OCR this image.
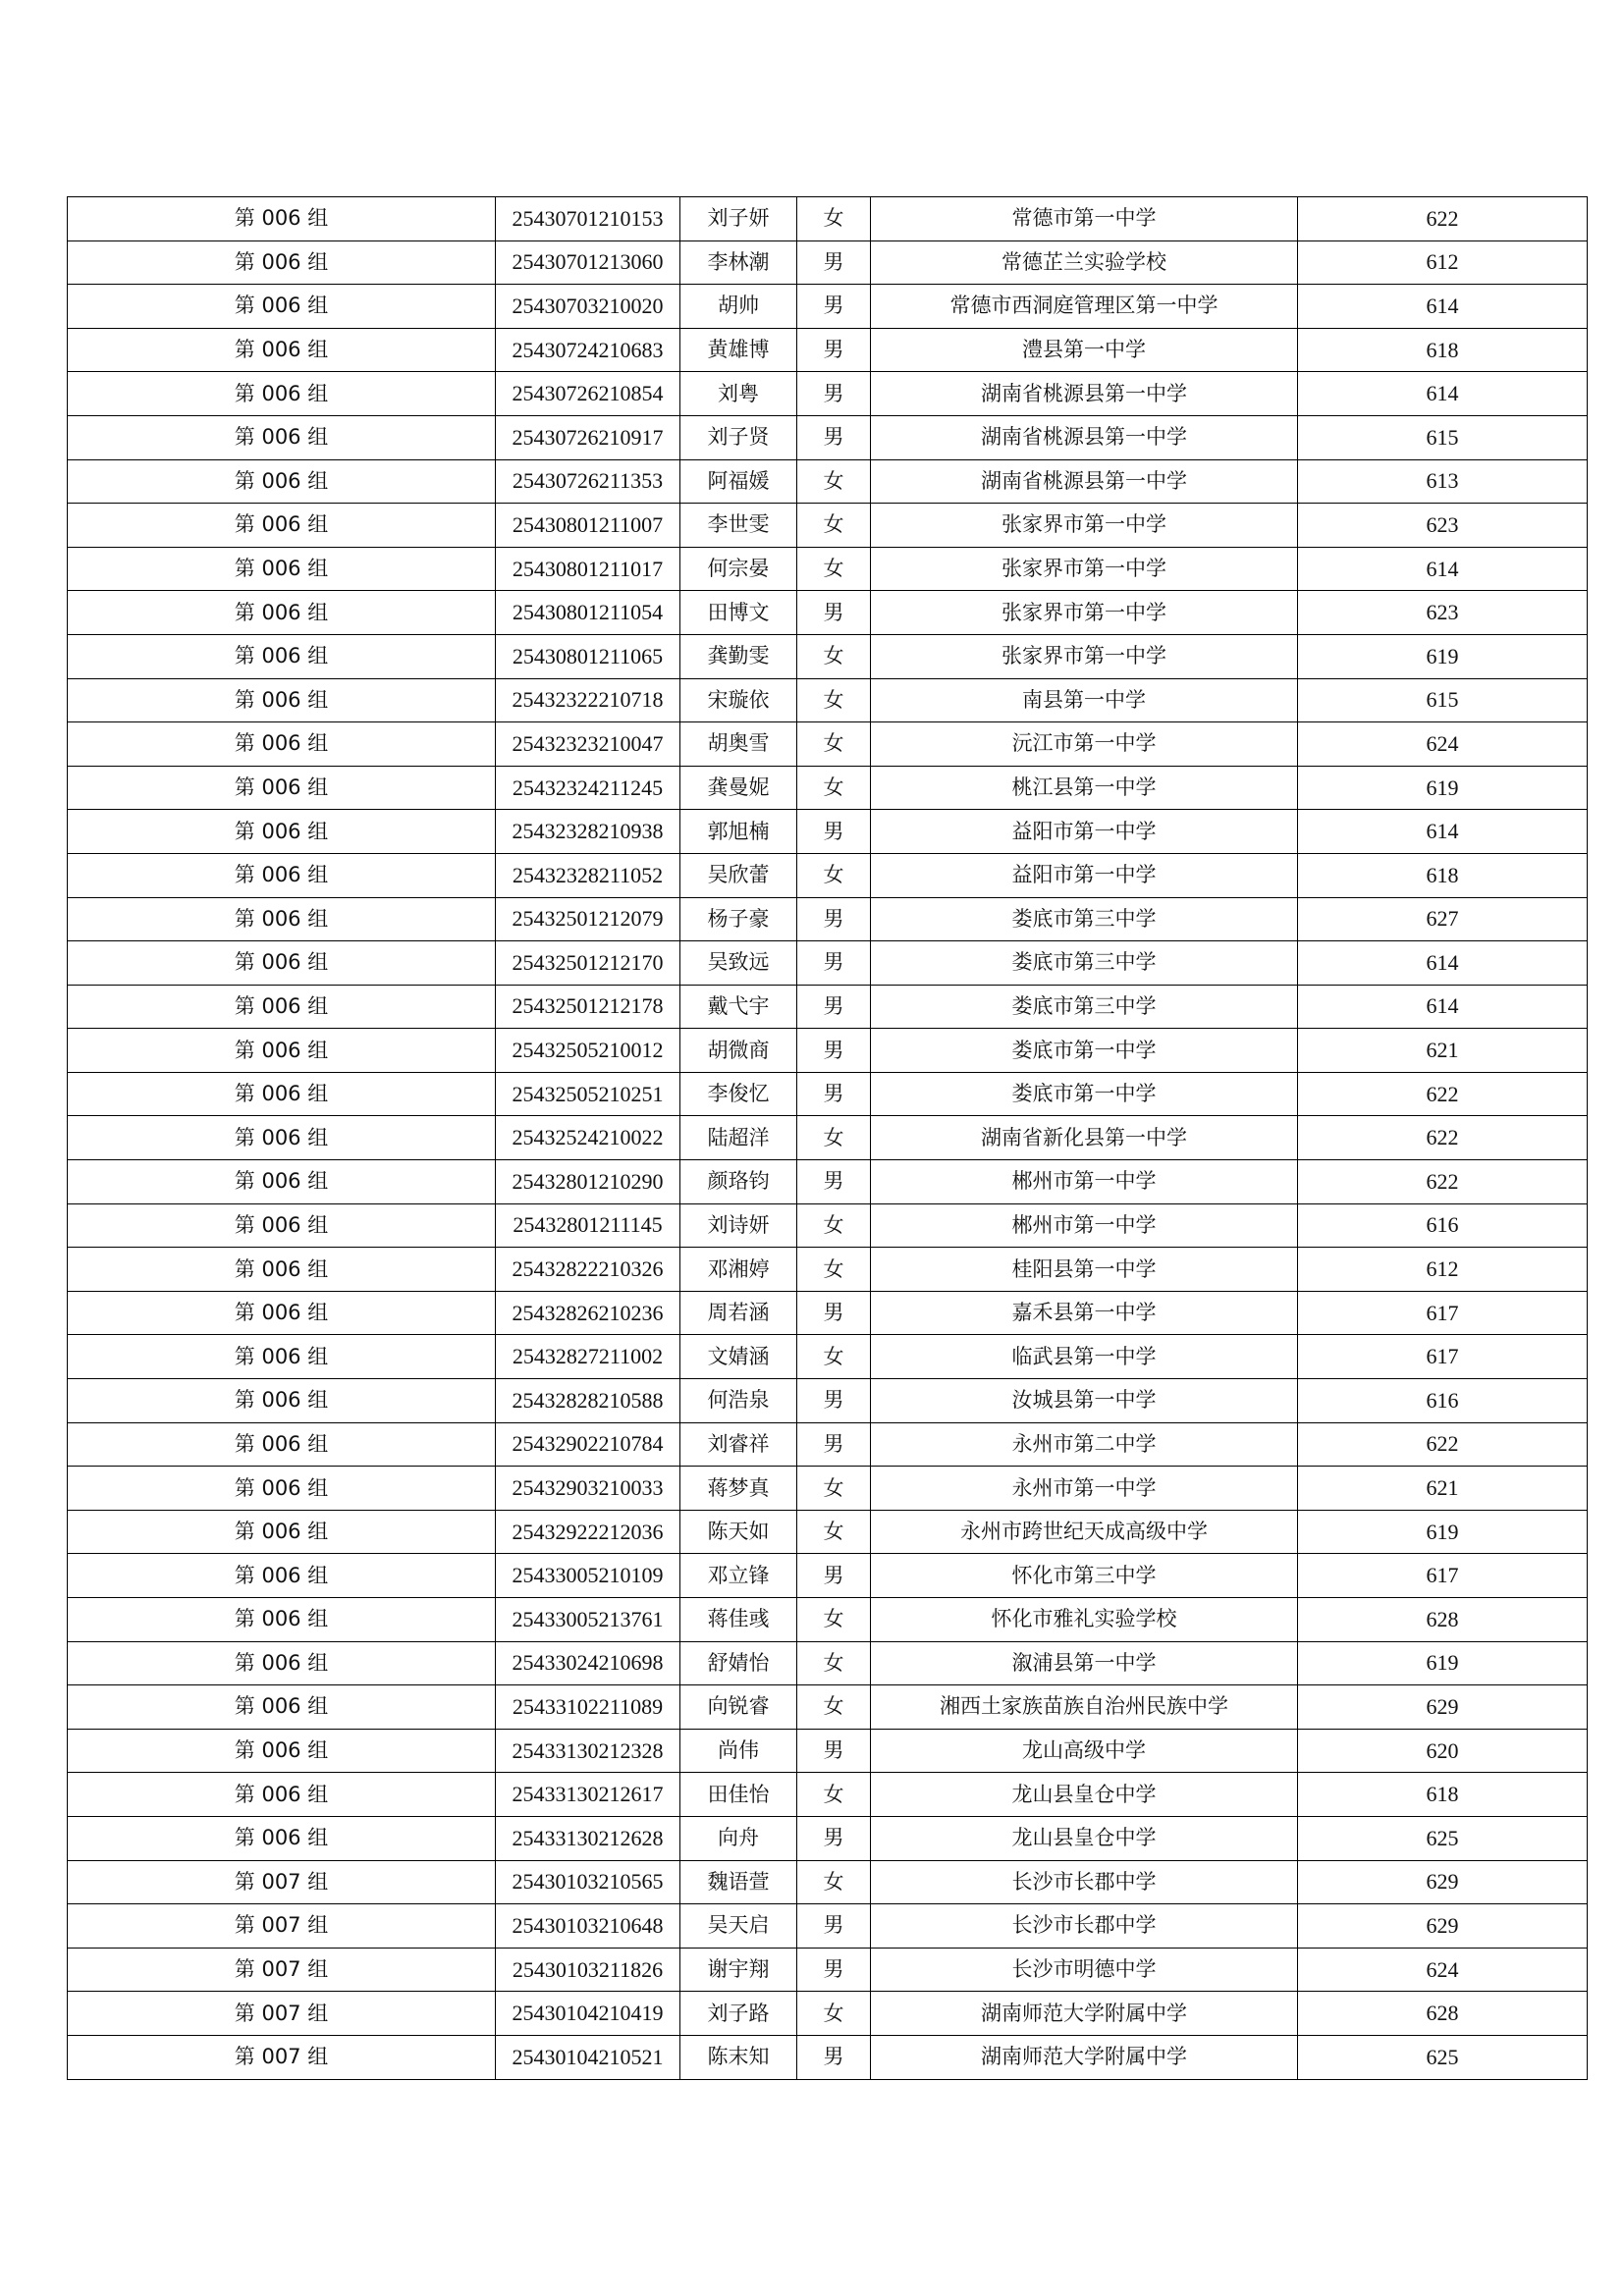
第 006 组	25430701210153	刘子妍	女	常德市第一中学	622
第 006 组	25430701213060	李林潮	男	常德芷兰实验学校	612
第 006 组	25430703210020	胡帅	男	常德市西洞庭管理区第一中学	614
第 006 组	25430724210683	黄雄博	男	澧县第一中学	618
第 006 组	25430726210854	刘粤	男	湖南省桃源县第一中学	614
第 006 组	25430726210917	刘子贤	男	湖南省桃源县第一中学	615
第 006 组	25430726211353	阿福媛	女	湖南省桃源县第一中学	613
第 006 组	25430801211007	李世雯	女	张家界市第一中学	623
第 006 组	25430801211017	何宗晏	女	张家界市第一中学	614
第 006 组	25430801211054	田博文	男	张家界市第一中学	623
第 006 组	25430801211065	龚勤雯	女	张家界市第一中学	619
第 006 组	25432322210718	宋璇依	女	南县第一中学	615
第 006 组	25432323210047	胡奥雪	女	沅江市第一中学	624
第 006 组	25432324211245	龚曼妮	女	桃江县第一中学	619
第 006 组	25432328210938	郭旭楠	男	益阳市第一中学	614
第 006 组	25432328211052	吴欣蕾	女	益阳市第一中学	618
第 006 组	25432501212079	杨子豪	男	娄底市第三中学	627
第 006 组	25432501212170	吴致远	男	娄底市第三中学	614
第 006 组	25432501212178	戴弋宇	男	娄底市第三中学	614
第 006 组	25432505210012	胡微商	男	娄底市第一中学	621
第 006 组	25432505210251	李俊忆	男	娄底市第一中学	622
第 006 组	25432524210022	陆超洋	女	湖南省新化县第一中学	622
第 006 组	25432801210290	颜珞钧	男	郴州市第一中学	622
第 006 组	25432801211145	刘诗妍	女	郴州市第一中学	616
第 006 组	25432822210326	邓湘婷	女	桂阳县第一中学	612
第 006 组	25432826210236	周若涵	男	嘉禾县第一中学	617
第 006 组	25432827211002	文婧涵	女	临武县第一中学	617
第 006 组	25432828210588	何浩泉	男	汝城县第一中学	616
第 006 组	25432902210784	刘睿祥	男	永州市第二中学	622
第 006 组	25432903210033	蒋梦真	女	永州市第一中学	621
第 006 组	25432922212036	陈天如	女	永州市跨世纪天成高级中学	619
第 006 组	25433005210109	邓立锋	男	怀化市第三中学	617
第 006 组	25433005213761	蒋佳彧	女	怀化市雅礼实验学校	628
第 006 组	25433024210698	舒婧怡	女	溆浦县第一中学	619
第 006 组	25433102211089	向锐睿	女	湘西土家族苗族自治州民族中学	629
第 006 组	25433130212328	尚伟	男	龙山高级中学	620
第 006 组	25433130212617	田佳怡	女	龙山县皇仓中学	618
第 006 组	25433130212628	向舟	男	龙山县皇仓中学	625
第 007 组	25430103210565	魏语萱	女	长沙市长郡中学	629
第 007 组	25430103210648	吴天启	男	长沙市长郡中学	629
第 007 组	25430103211826	谢宇翔	男	长沙市明德中学	624
第 007 组	25430104210419	刘子路	女	湖南师范大学附属中学	628
第 007 组	25430104210521	陈末知	男	湖南师范大学附属中学	625
